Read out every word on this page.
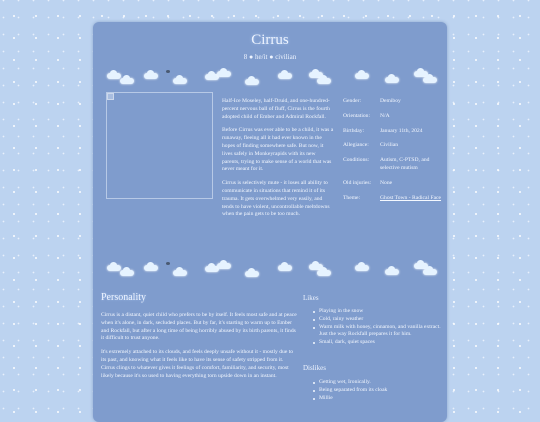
Cirrus
8 ● he/it ● civilian

Half-Ice Moseley, half-Druid, and one-hundred-percent nervous ball of fluff, Cirrus is the fourth adopted child of Ember and Admiral Rockfall.

Before Cirrus was ever able to be a child, it was a runaway, fleeing all it had ever known in the hopes of finding somewhere safe. But now, it lives safely in Monkeyrapids with its new parents, trying to make sense of a world that was never meant for it.

Cirrus is selectively mute - it loses all ability to communicate in situations that remind it of its trauma. It gets overwhelmed very easily, and tends to have violent, uncontrollable meltdowns when the pain gets to be too much.

Gender:	Demiboy
Orientation:	N/A
Birthday:	January 11th, 2024
Allegiance:	Civilian
Conditions:	Autism, C-PTSD, and selective mutism
Old injuries:	None
Theme:	Ghost Town - Radical Face
Personality

Cirrus is a distant, quiet child who prefers to be by itself. It feels most safe and at peace when it's alone, in dark, secluded places. But by far, it's starting to warm up to Ember and Rockfall, but after a long time of being horribly abused by its birth parents, it finds it difficult to trust anyone.

It's extremely attached to its clouds, and feels deeply unsafe without it - mostly due to its past, and knowing what it feels like to have its sense of safety stripped from it. Cirrus clings to whatever gives it feelings of comfort, familiarity, and security, most likely because it's so used to having everything torn upside down in an instant.

Likes
Playing in the snow
Cold, rainy weather
Warm milk with honey, cinnamon, and vanilla extract. Just the way Rockfall prepares it for him.
Small, dark, quiet spaces
Dislikes
Getting wet, Ironically.
Being separated from its cloak
Millie
